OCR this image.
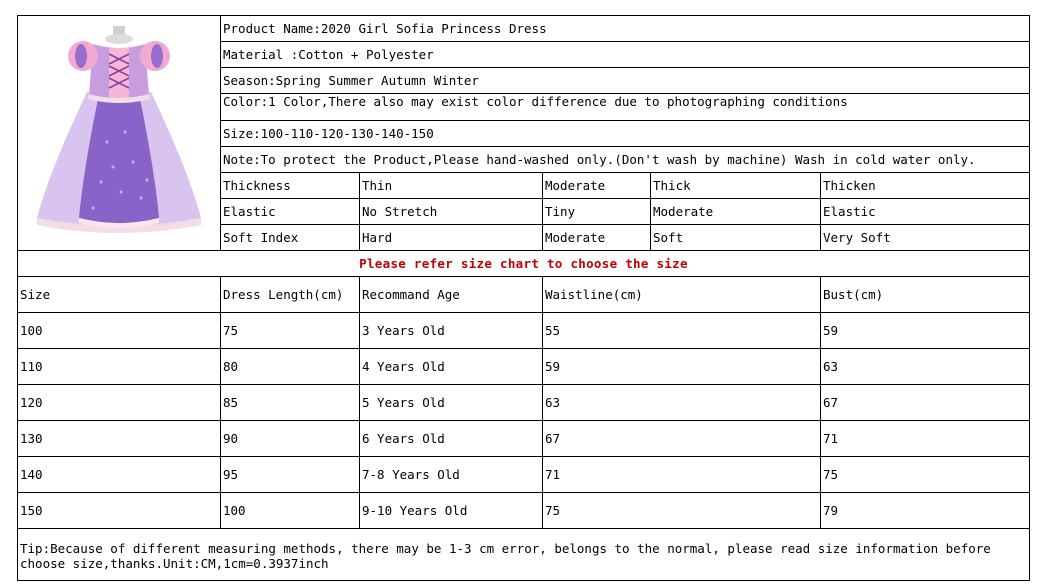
	Product Name:2020 Girl Sofia Princess Dress				
	Material :Cotton + Polyester				
	Season:Spring Summer Autumn Winter				
	Color:1 Color,There also may exist color difference due to photographing conditions				
	Size:100-110-120-130-140-150				
	Note:To protect the Product,Please hand-washed only.(Don't wash by machine) Wash in cold water only.				
	Thickness	Thin	Moderate	Thick	Thicken
	Elastic	No Stretch	Tiny	Moderate	Elastic
	Soft Index	Hard	Moderate	Soft	Very Soft
Please refer size chart to choose the size					
Size	Dress Length(cm)	Recommand Age	Waistline(cm)		Bust(cm)
100	75	3 Years Old	55		59
110	80	4 Years Old	59		63
120	85	5 Years Old	63		67
130	90	6 Years Old	67		71
140	95	7-8 Years Old	71		75
150	100	9-10 Years Old	75		79
Tip:Because of different measuring methods, there may be 1-3 cm error, belongs to the normal, please read size information before choose size,thanks.Unit:CM,1cm=0.3937inch					
